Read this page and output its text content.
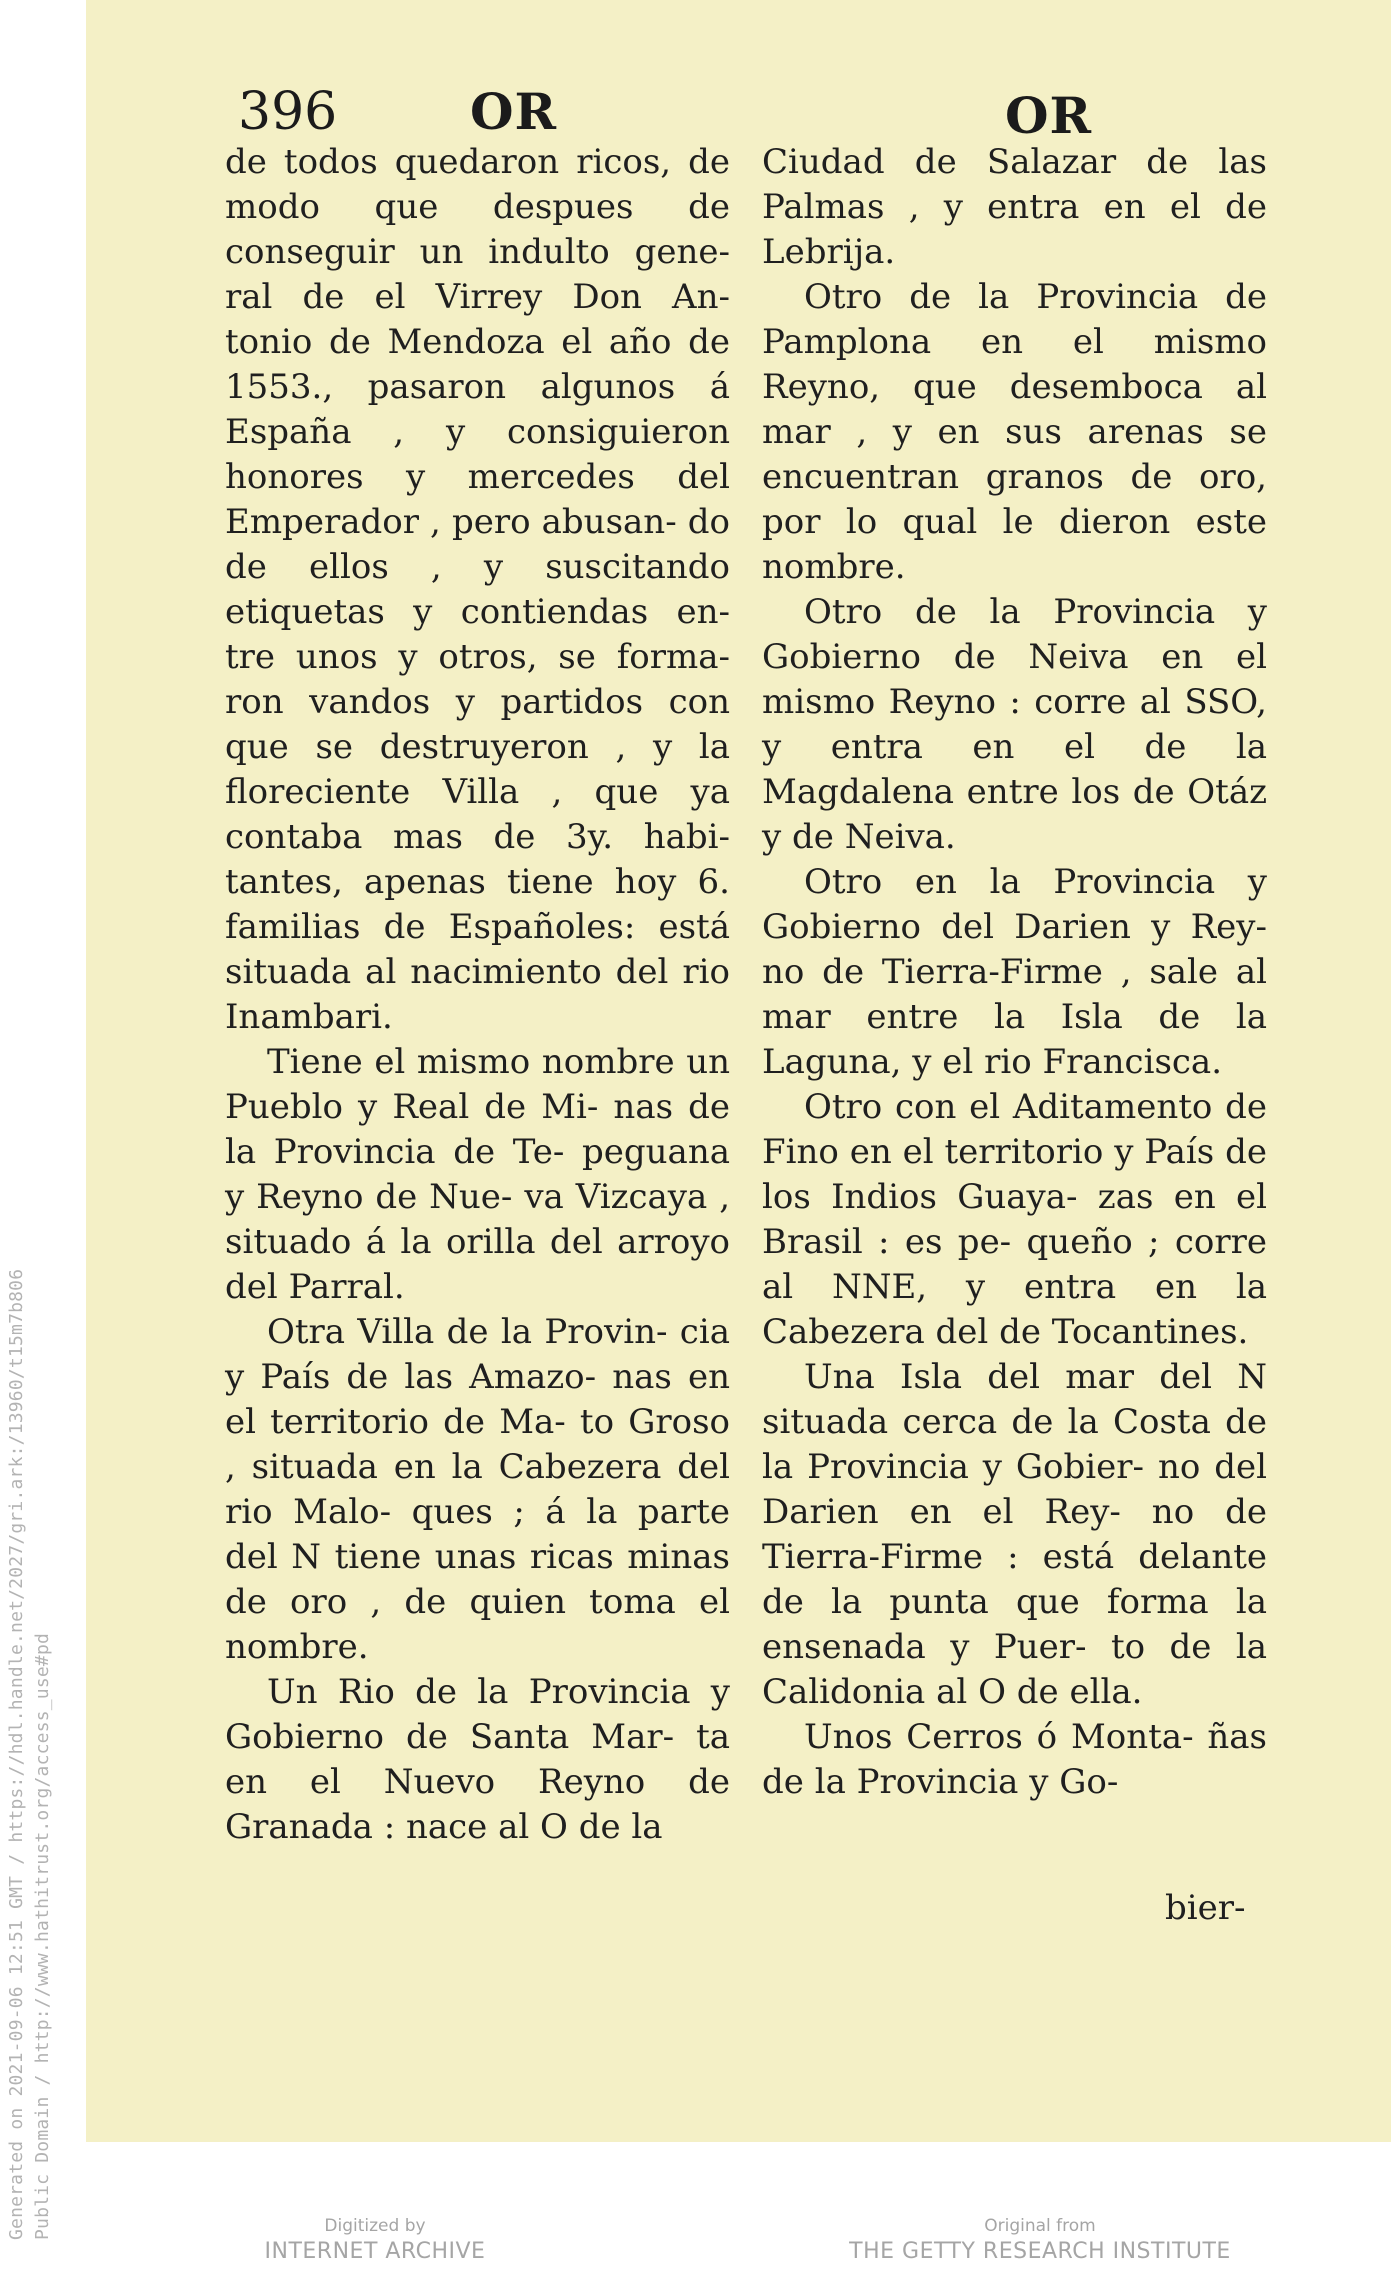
Generated on 2021-09-06 12:51 GMT / https://hdl.handle.net/2027/gri.ark:/13960/t15m7b806 Public Domain / http://www.hathitrust.org/access_use#pd
396	OR	OR

de todos quedaron ricos, de modo que despues de conseguir un indulto gene- ral de el Virrey Don An- tonio de Mendoza el año de 1553., pasaron algunos á España , y consiguieron honores y mercedes del Emperador , pero abusan- do de ellos , y suscitando etiquetas y contiendas en- tre unos y otros, se forma- ron vandos y partidos con que se destruyeron , y la floreciente Villa , que ya contaba mas de 3y. habi- tantes, apenas tiene hoy 6. familias de Españoles: está situada al nacimiento del rio Inambari.

Tiene el mismo nombre un Pueblo y Real de Mi- nas de la Provincia de Te- peguana y Reyno de Nue- va Vizcaya , situado á la orilla del arroyo del Parral.

Otra Villa de la Provin- cia y País de las Amazo- nas en el territorio de Ma- to Groso , situada en la Cabezera del rio Malo- ques ; á la parte del N tiene unas ricas minas de oro , de quien toma el nombre.

Un Rio de la Provincia y Gobierno de Santa Mar- ta en el Nuevo Reyno de Granada : nace al O de la

Ciudad de Salazar de las Palmas , y entra en el de Lebrija.

Otro de la Provincia de Pamplona en el mismo Reyno, que desemboca al mar , y en sus arenas se encuentran granos de oro, por lo qual le dieron este nombre.

Otro de la Provincia y Gobierno de Neiva en el mismo Reyno : corre al SSO, y entra en el de la Magdalena entre los de Otáz y de Neiva.

Otro en la Provincia y Gobierno del Darien y Rey- no de Tierra-Firme , sale al mar entre la Isla de la Laguna, y el rio Francisca.

Otro con el Aditamento de Fino en el territorio y País de los Indios Guaya- zas en el Brasil : es pe- queño ; corre al NNE, y entra en la Cabezera del de Tocantines.

Una Isla del mar del N situada cerca de la Costa de la Provincia y Gobier- no del Darien en el Rey- no de Tierra-Firme : está delante de la punta que forma la ensenada y Puer- to de la Calidonia al O de ella.

Unos Cerros ó Monta- ñas de la Provincia y Go-

bier-
Digitized by
INTERNET ARCHIVE
Original from
THE GETTY RESEARCH INSTITUTE
